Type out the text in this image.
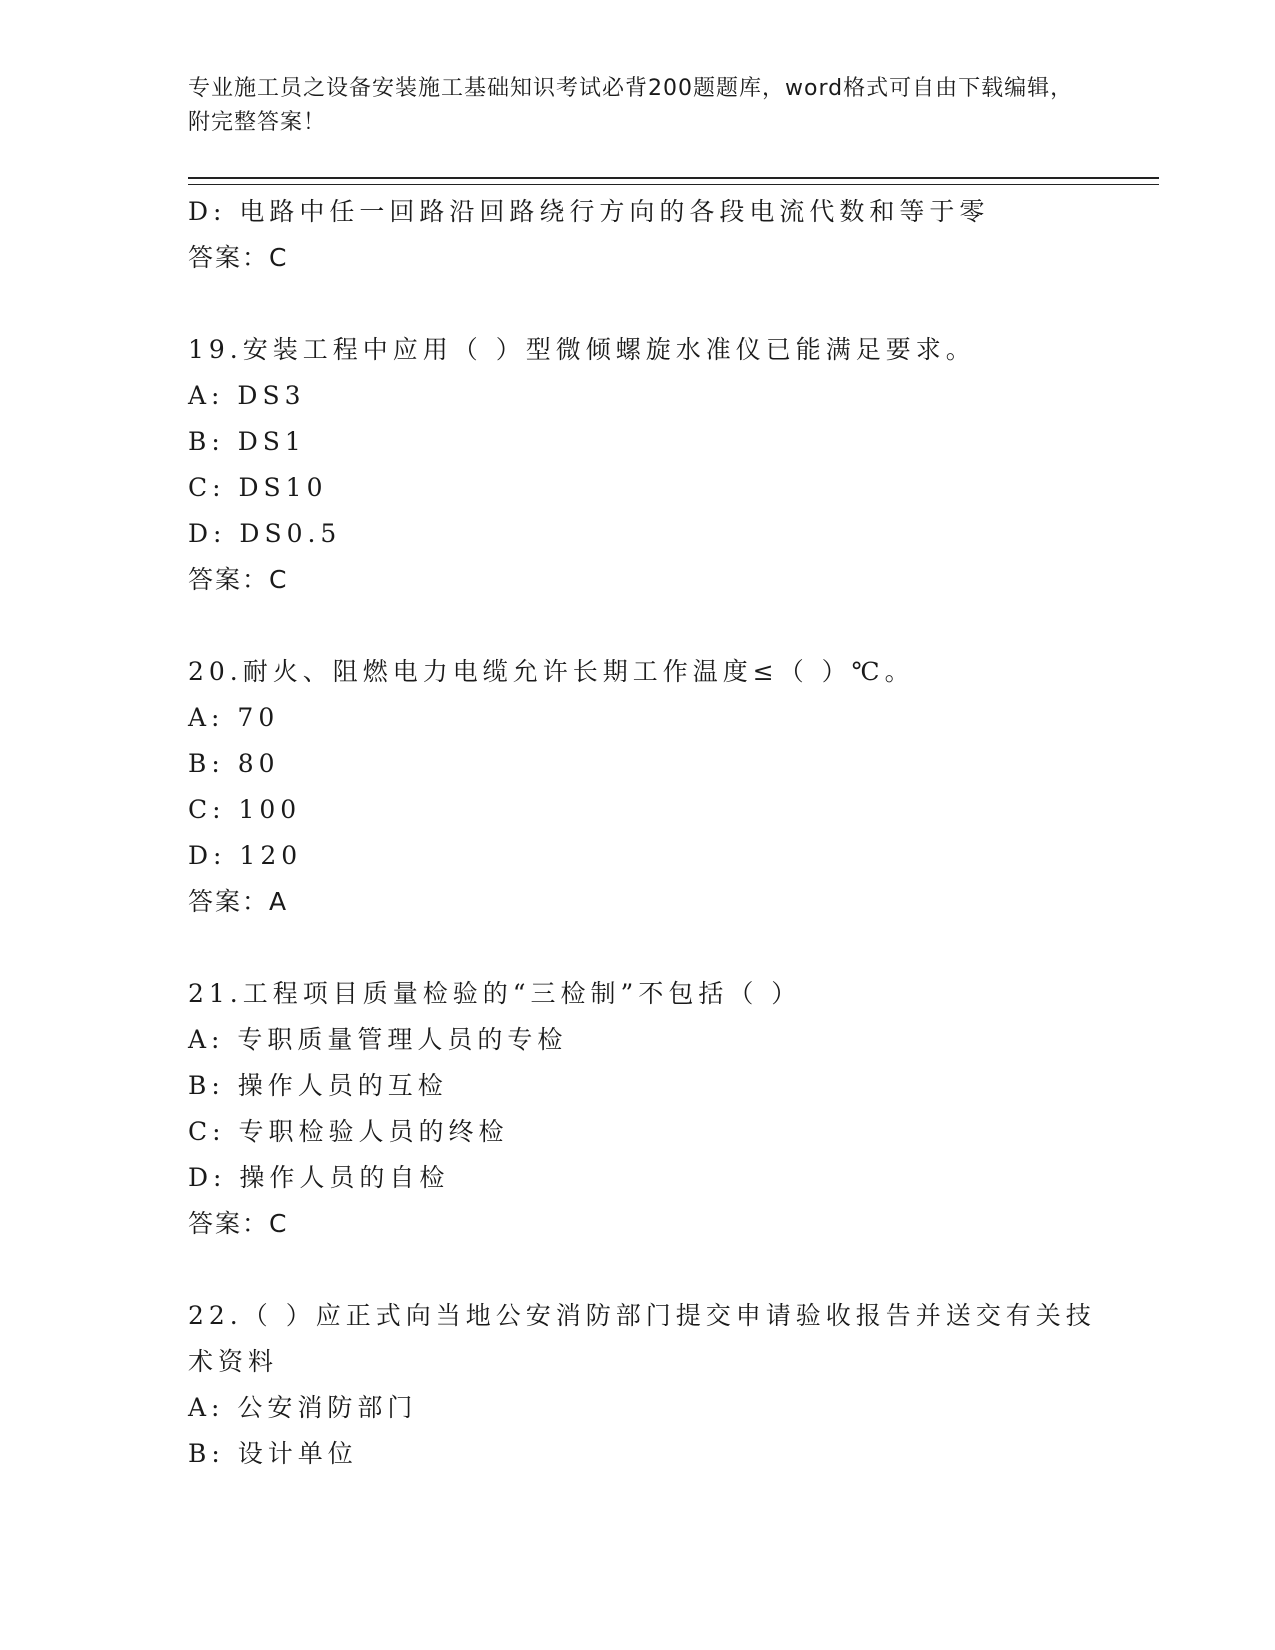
专业施工员之设备安装施工基础知识考试必背200题题库，word格式可自由下载编辑，附完整答案！
D: 电路中任一回路沿回路绕行方向的各段电流代数和等于零
答案：C
19.安装工程中应用（ ）型微倾螺旋水准仪已能满足要求。
A: DS3
B: DS1
C: DS10
D: DS0.5
答案：C
20.耐火、阻燃电力电缆允许长期工作温度≤（ ）℃。
A: 70
B: 80
C: 100
D: 120
答案：A
21.工程项目质量检验的“三检制”不包括（ ）
A: 专职质量管理人员的专检
B: 操作人员的互检
C: 专职检验人员的终检
D: 操作人员的自检
答案：C
22.（ ）应正式向当地公安消防部门提交申请验收报告并送交有关技
术资料
A: 公安消防部门
B: 设计单位
